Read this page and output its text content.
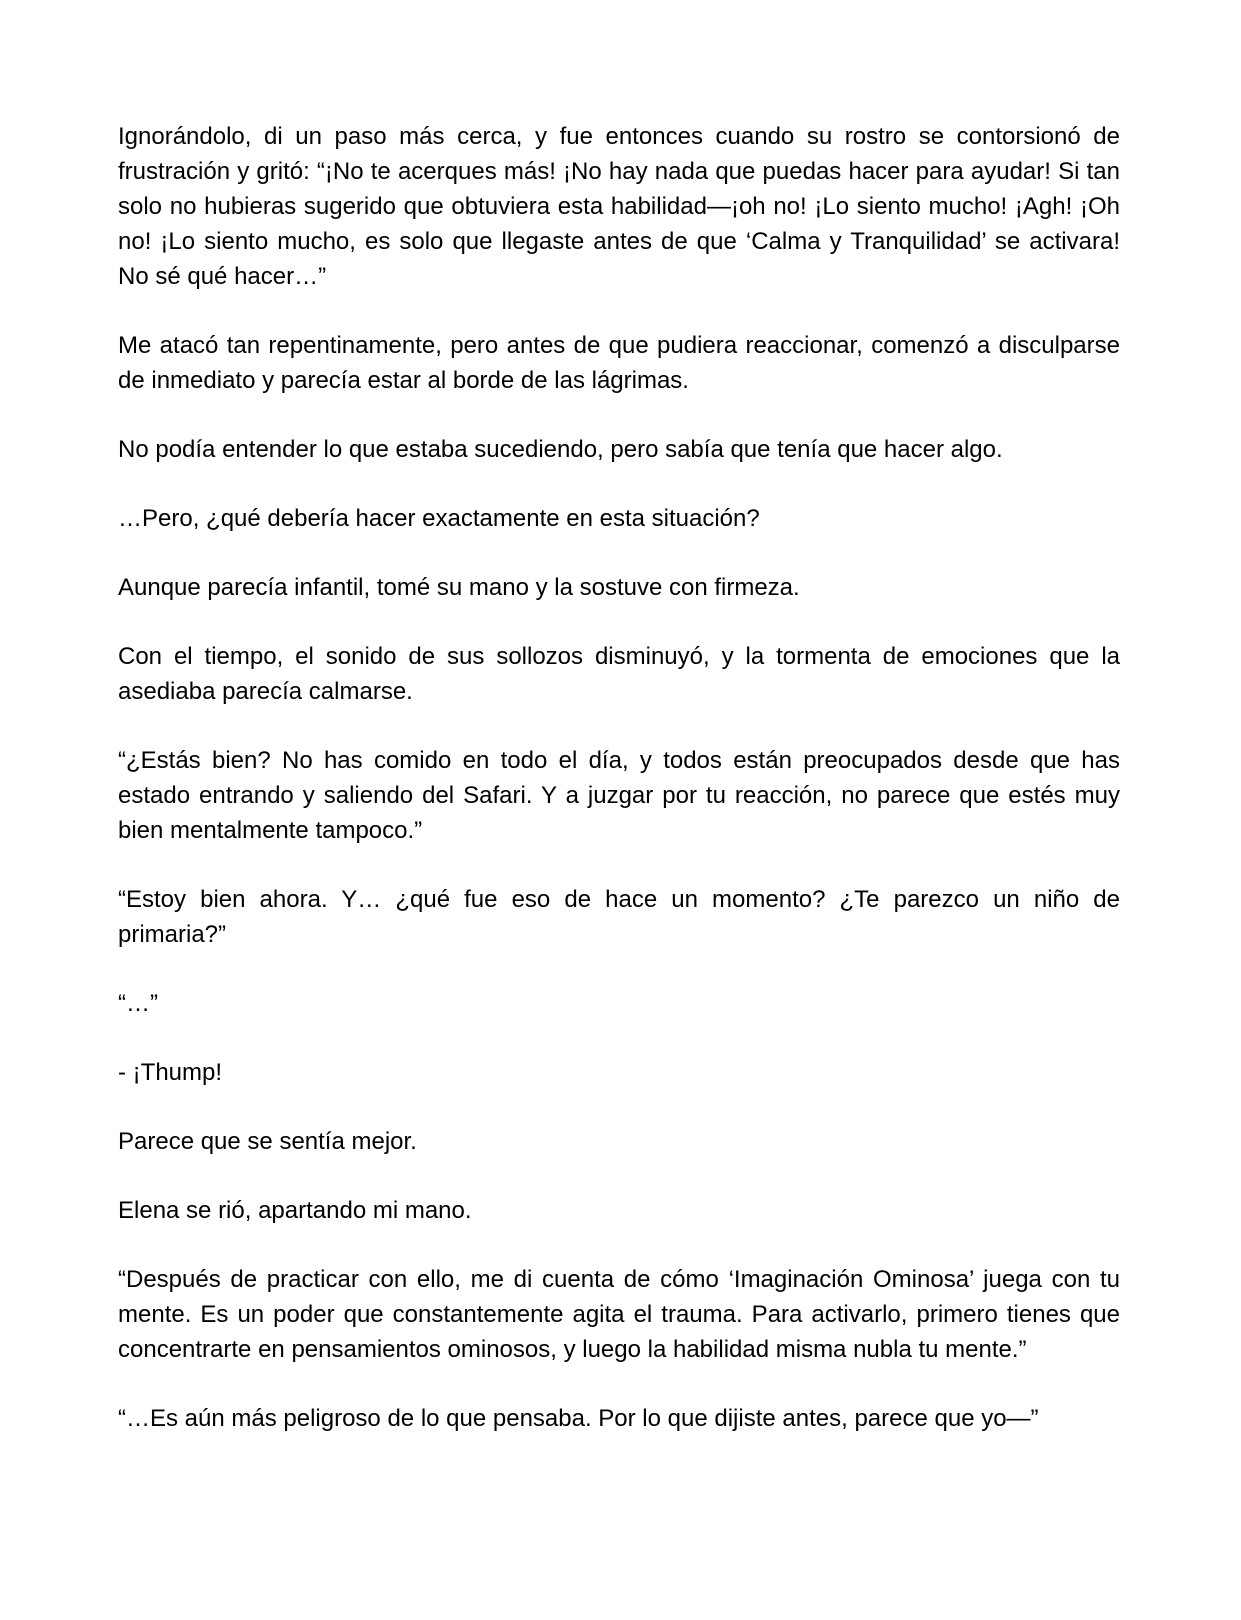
Ignorándolo, di un paso más cerca, y fue entonces cuando su rostro se contorsionó de frustración y gritó: “¡No te acerques más! ¡No hay nada que puedas hacer para ayudar! Si tan solo no hubieras sugerido que obtuviera esta habilidad—¡oh no! ¡Lo siento mucho! ¡Agh! ¡Oh no! ¡Lo siento mucho, es solo que llegaste antes de que ‘Calma y Tranquilidad’ se activara! No sé qué hacer…”

Me atacó tan repentinamente, pero antes de que pudiera reaccionar, comenzó a disculparse de inmediato y parecía estar al borde de las lágrimas.

No podía entender lo que estaba sucediendo, pero sabía que tenía que hacer algo.

…Pero, ¿qué debería hacer exactamente en esta situación?

Aunque parecía infantil, tomé su mano y la sostuve con firmeza.

Con el tiempo, el sonido de sus sollozos disminuyó, y la tormenta de emociones que la asediaba parecía calmarse.

“¿Estás bien? No has comido en todo el día, y todos están preocupados desde que has estado entrando y saliendo del Safari. Y a juzgar por tu reacción, no parece que estés muy bien mentalmente tampoco.”

“Estoy bien ahora. Y… ¿qué fue eso de hace un momento? ¿Te parezco un niño de primaria?”

“…”

- ¡Thump!

Parece que se sentía mejor.

Elena se rió, apartando mi mano.

“Después de practicar con ello, me di cuenta de cómo ‘Imaginación Ominosa’ juega con tu mente. Es un poder que constantemente agita el trauma. Para activarlo, primero tienes que concentrarte en pensamientos ominosos, y luego la habilidad misma nubla tu mente.”

“…Es aún más peligroso de lo que pensaba. Por lo que dijiste antes, parece que yo—”
